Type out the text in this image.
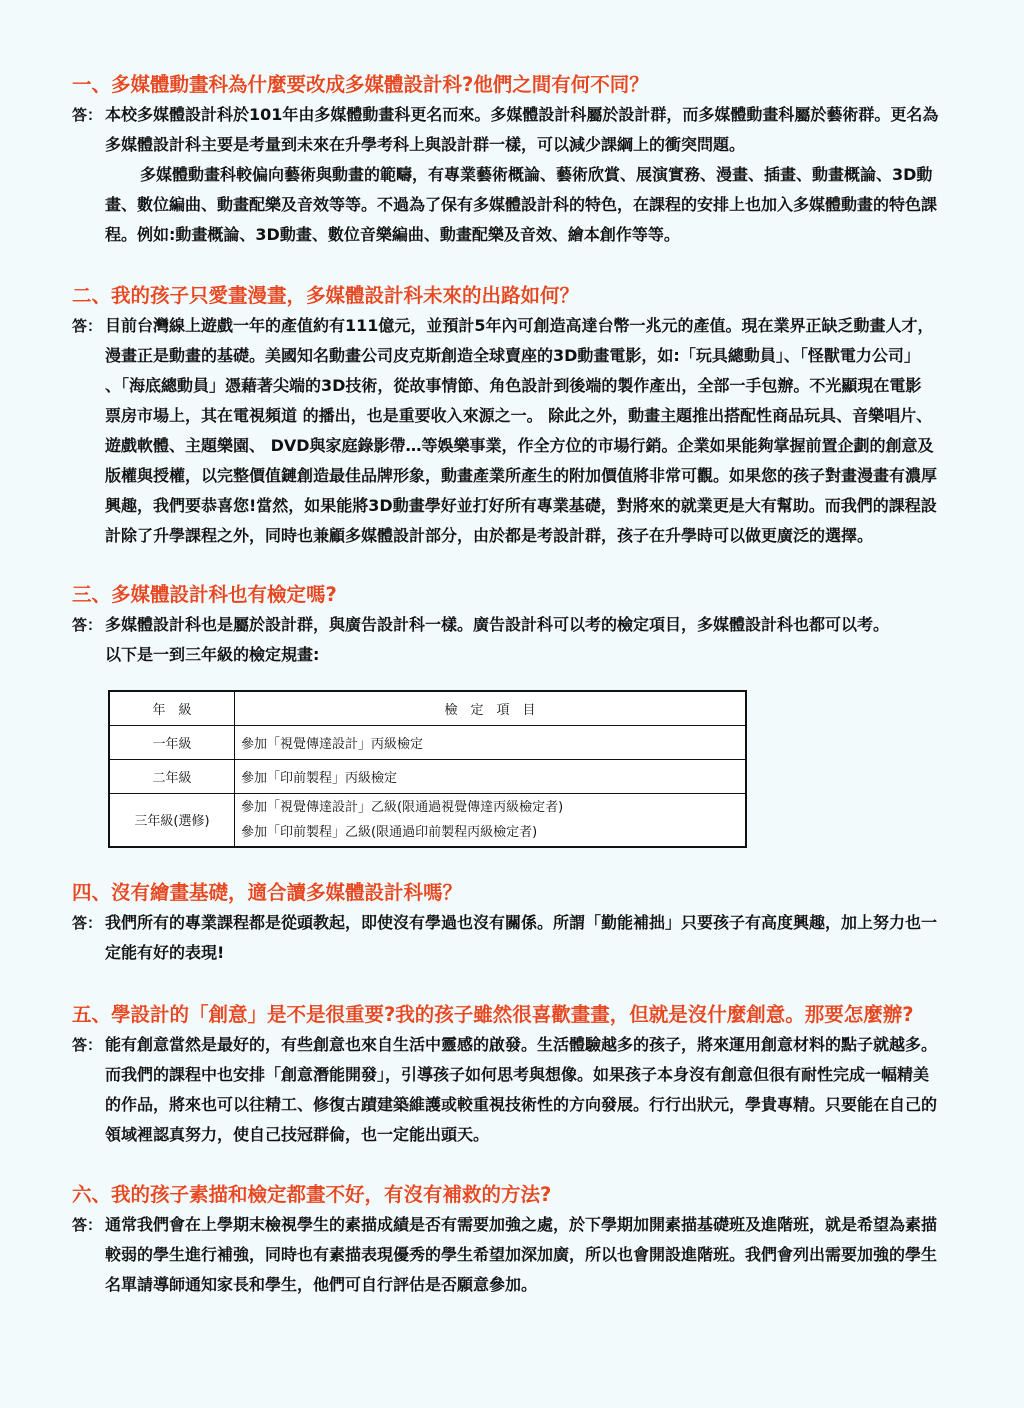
一、多媒體動畫科為什麼要改成多媒體設計科?他們之間有何不同？
答： 本校多媒體設計科於101年由多媒體動畫科更名而來。多媒體設計科屬於設計群，而多媒體動畫科屬於藝術群。更名為
多媒體設計科主要是考量到未來在升學考科上與設計群一樣，可以減少課綱上的衝突問題。
多媒體動畫科較偏向藝術與動畫的範疇，有專業藝術概論、藝術欣賞、展演實務、漫畫、插畫、動畫概論、3D動
畫、數位編曲、動畫配樂及音效等等。不過為了保有多媒體設計科的特色，在課程的安排上也加入多媒體動畫的特色課
程。例如:動畫概論、3D動畫、數位音樂編曲、動畫配樂及音效、繪本創作等等。
二、我的孩子只愛畫漫畫，多媒體設計科未來的出路如何？
答： 目前台灣線上遊戲一年的產值約有111億元，並預計5年內可創造高達台幣一兆元的產值。現在業界正缺乏動畫人才，
漫畫正是動畫的基礎。美國知名動畫公司皮克斯創造全球賣座的3D動畫電影，如:「玩具總動員」、「怪獸電力公司」
、「海底總動員」憑藉著尖端的3D技術，從故事情節、角色設計到後端的製作產出，全部一手包辦。不光顯現在電影
票房市場上，其在電視頻道 的播出，也是重要收入來源之一。 除此之外，動畫主題推出搭配性商品玩具、音樂唱片、
遊戲軟體、主題樂園、 DVD與家庭錄影帶…等娛樂事業，作全方位的市場行銷。企業如果能夠掌握前置企劃的創意及
版權與授權，以完整價值鏈創造最佳品牌形象，動畫產業所產生的附加價值將非常可觀。如果您的孩子對畫漫畫有濃厚
興趣，我們要恭喜您!當然，如果能將3D動畫學好並打好所有專業基礎，對將來的就業更是大有幫助。而我們的課程設
計除了升學課程之外，同時也兼顧多媒體設計部分，由於都是考設計群，孩子在升學時可以做更廣泛的選擇。
三、多媒體設計科也有檢定嗎?
答： 多媒體設計科也是屬於設計群，與廣告設計科一樣。廣告設計科可以考的檢定項目，多媒體設計科也都可以考。
以下是一到三年級的檢定規畫:
年　級	檢　定　項　目
一年級	參加「視覺傳達設計」丙級檢定
二年級	參加「印前製程」丙級檢定
三年級(選修)	參加「視覺傳達設計」乙級(限通過視覺傳達丙級檢定者)
參加「印前製程」乙級(限通過印前製程丙級檢定者)
四、沒有繪畫基礎，適合讀多媒體設計科嗎？
答： 我們所有的專業課程都是從頭教起，即使沒有學過也沒有關係。所謂「勤能補拙」只要孩子有高度興趣，加上努力也一
定能有好的表現!
五、學設計的「創意」是不是很重要?我的孩子雖然很喜歡畫畫，但就是沒什麼創意。那要怎麼辦?
答： 能有創意當然是最好的，有些創意也來自生活中靈感的啟發。生活體驗越多的孩子，將來運用創意材料的點子就越多。
而我們的課程中也安排「創意潛能開發」，引導孩子如何思考與想像。如果孩子本身沒有創意但很有耐性完成一幅精美
的作品，將來也可以往精工、修復古蹟建築維護或較重視技術性的方向發展。行行出狀元，學貴專精。只要能在自己的
領域裡認真努力，使自己技冠群倫，也一定能出頭天。
六、我的孩子素描和檢定都畫不好，有沒有補救的方法?
答： 通常我們會在上學期末檢視學生的素描成績是否有需要加強之處，於下學期加開素描基礎班及進階班，就是希望為素描
較弱的學生進行補強，同時也有素描表現優秀的學生希望加深加廣，所以也會開設進階班。我們會列出需要加強的學生
名單請導師通知家長和學生，他們可自行評估是否願意參加。
